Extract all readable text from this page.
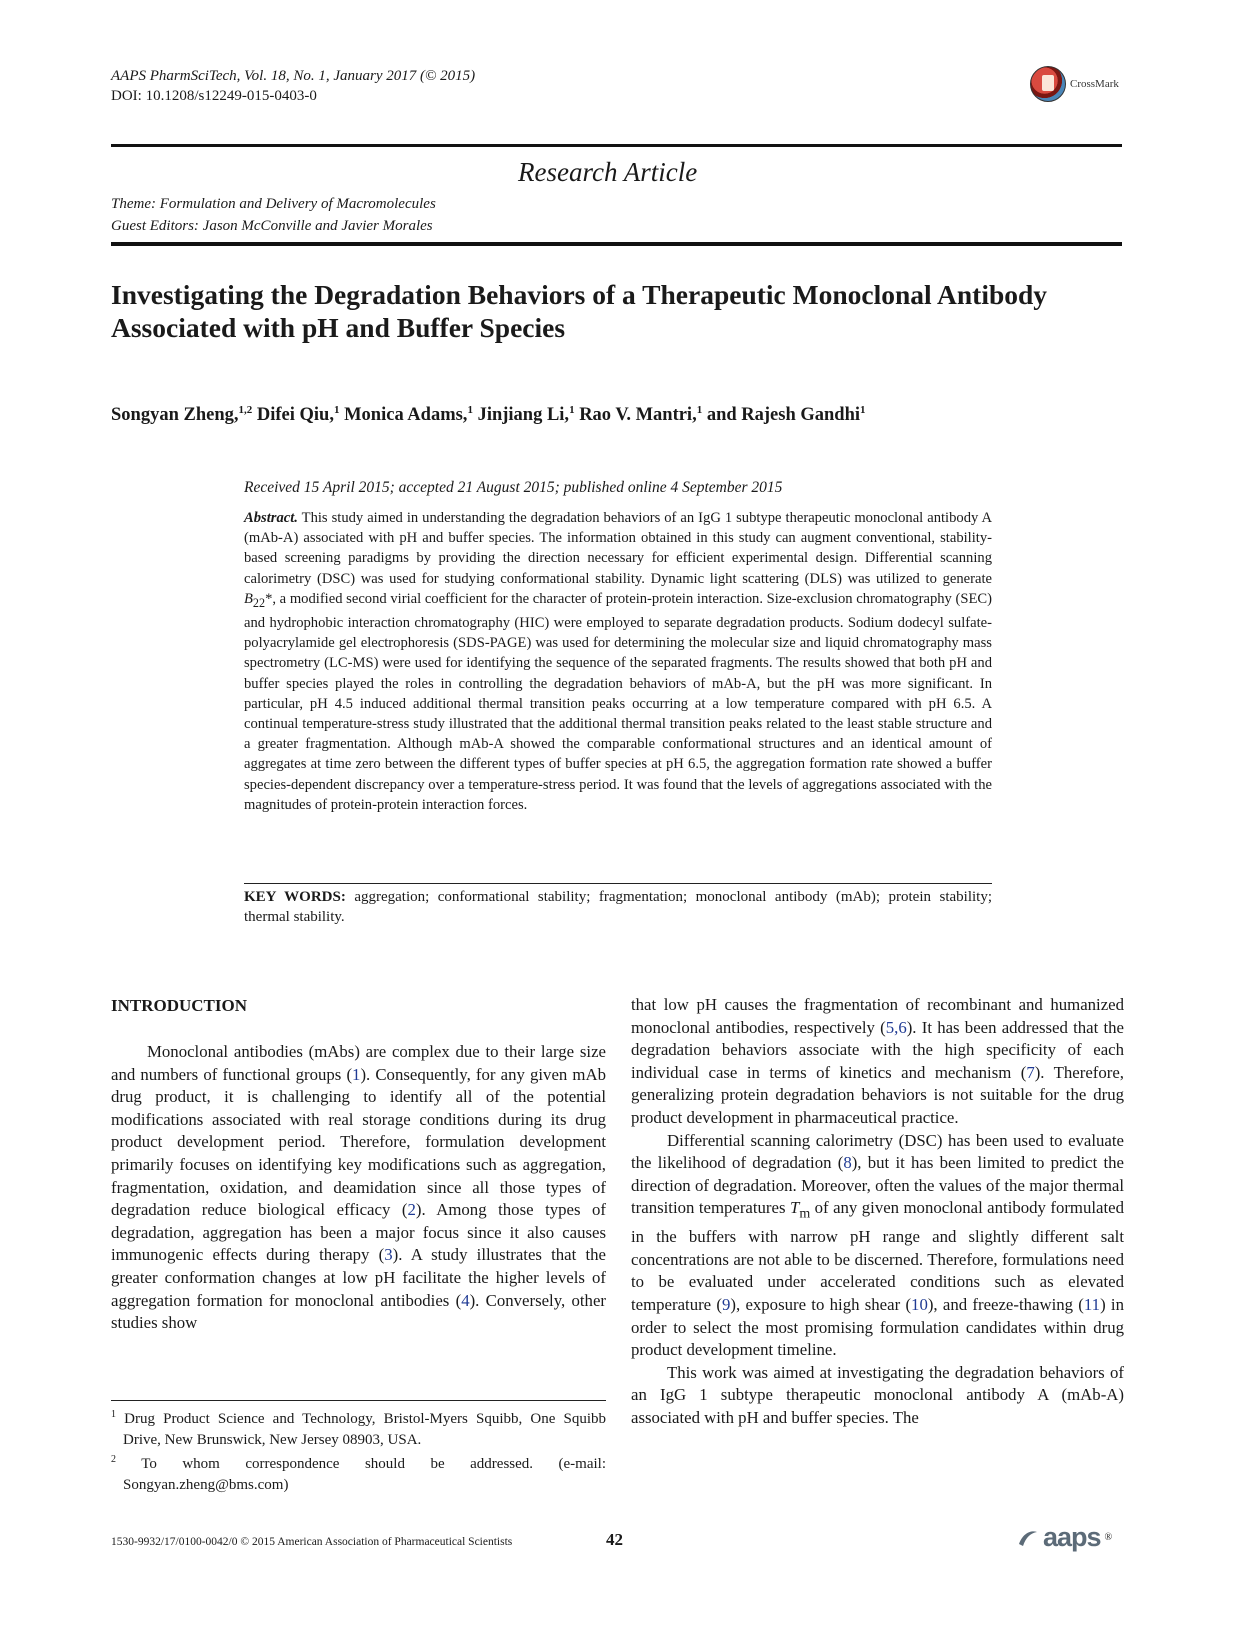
AAPS PharmSciTech, Vol. 18, No. 1, January 2017 (© 2015)
DOI: 10.1208/s12249-015-0403-0
CrossMark
Research Article
Theme: Formulation and Delivery of Macromolecules
Guest Editors: Jason McConville and Javier Morales
Investigating the Degradation Behaviors of a Therapeutic Monoclonal Antibody
Associated with pH and Buffer Species
Songyan Zheng,$^{1,2}$ Difei Qiu,$^1$ Monica Adams,$^1$ Jinjiang Li,$^1$ Rao V. Mantri,$^1$ and Rajesh Gandhi$^1$
Received 15 April 2015; accepted 21 August 2015; published online 4 September 2015
Abstract. This study aimed in understanding the degradation behaviors of an IgG 1 subtype therapeutic monoclonal antibody A (mAb-A) associated with pH and buffer species. The information obtained in this study can augment conventional, stability-based screening paradigms by providing the direction necessary for efficient experimental design. Differential scanning calorimetry (DSC) was used for studying conformational stability. Dynamic light scattering (DLS) was utilized to generate $B_{22}*$, a modified second virial coefficient for the character of protein-protein interaction. Size-exclusion chromatography (SEC) and hydrophobic interaction chromatography (HIC) were employed to separate degradation products. Sodium dodecyl sulfate-polyacrylamide gel electrophoresis (SDS-PAGE) was used for determining the molecular size and liquid chromatography mass spectrometry (LC-MS) were used for identifying the sequence of the separated fragments. The results showed that both pH and buffer species played the roles in controlling the degradation behaviors of mAb-A, but the pH was more significant. In particular, pH 4.5 induced additional thermal transition peaks occurring at a low temperature compared with pH 6.5. A continual temperature-stress study illustrated that the additional thermal transition peaks related to the least stable structure and a greater fragmentation. Although mAb-A showed the comparable conformational structures and an identical amount of aggregates at time zero between the different types of buffer species at pH 6.5, the aggregation formation rate showed a buffer species-dependent discrepancy over a temperature-stress period. It was found that the levels of aggregations associated with the magnitudes of protein-protein interaction forces.
KEY WORDS: aggregation; conformational stability; fragmentation; monoclonal antibody (mAb); protein stability; thermal stability.
INTRODUCTION

Monoclonal antibodies (mAbs) are complex due to their large size and numbers of functional groups (1). Consequently, for any given mAb drug product, it is challenging to identify all of the potential modifications associated with real storage conditions during its drug product development period. Therefore, formulation development primarily focuses on identifying key modifications such as aggregation, fragmentation, oxidation, and deamidation since all those types of degradation reduce biological efficacy (2). Among those types of degradation, aggregation has been a major focus since it also causes immunogenic effects during therapy (3). A study illustrates that the greater conformation changes at low pH facilitate the higher levels of aggregation formation for monoclonal antibodies (4). Conversely, other studies show

that low pH causes the fragmentation of recombinant and humanized monoclonal antibodies, respectively (5,6). It has been addressed that the degradation behaviors associate with the high specificity of each individual case in terms of kinetics and mechanism (7). Therefore, generalizing protein degradation behaviors is not suitable for the drug product development in pharmaceutical practice.

Differential scanning calorimetry (DSC) has been used to evaluate the likelihood of degradation (8), but it has been limited to predict the direction of degradation. Moreover, often the values of the major thermal transition temperatures $T_m$ of any given monoclonal antibody formulated in the buffers with narrow pH range and slightly different salt concentrations are not able to be discerned. Therefore, formulations need to be evaluated under accelerated conditions such as elevated temperature (9), exposure to high shear (10), and freeze-thawing (11) in order to select the most promising formulation candidates within drug product development timeline.

This work was aimed at investigating the degradation behaviors of an IgG 1 subtype therapeutic monoclonal antibody A (mAb-A) associated with pH and buffer species. The

$^1$ Drug Product Science and Technology, Bristol-Myers Squibb, One Squibb Drive, New Brunswick, New Jersey 08903, USA.

$^2$ To whom correspondence should be addressed. (e-mail: Songyan.zheng@bms.com)

1530-9932/17/0100-0042/0 © 2015 American Association of Pharmaceutical Scientists	42	aaps ®
